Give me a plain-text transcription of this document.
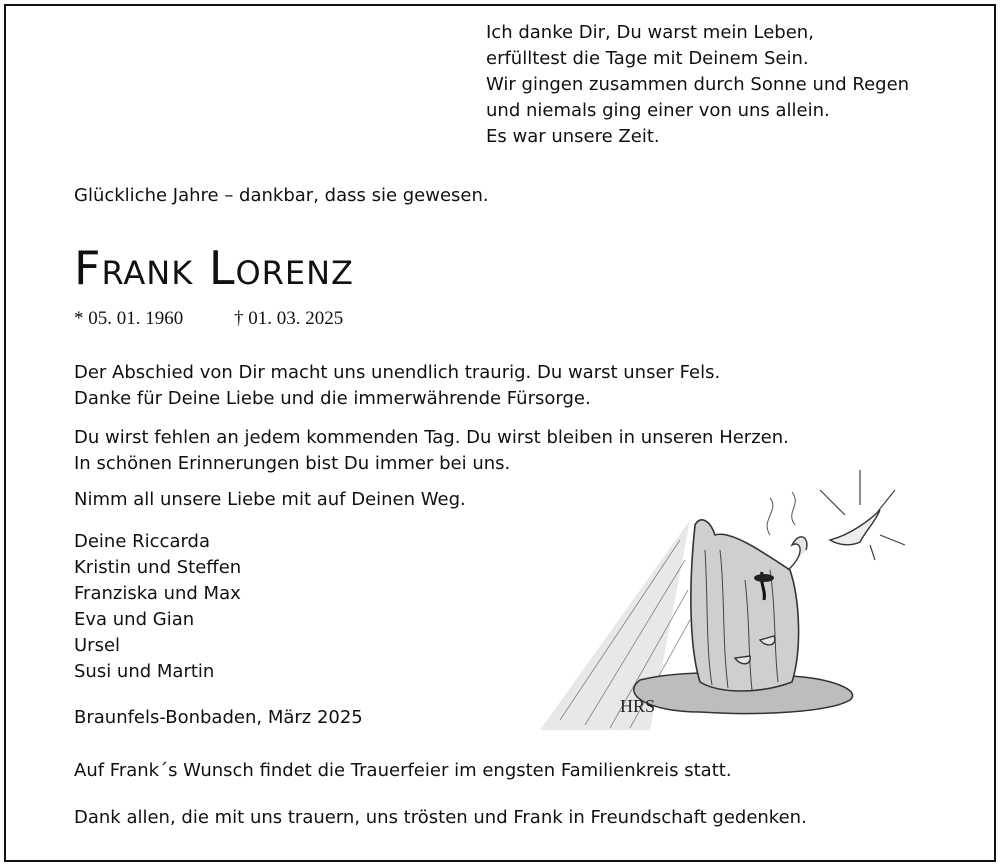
Ich danke Dir, Du warst mein Leben,
erfülltest die Tage mit Deinem Sein.
Wir gingen zusammen durch Sonne und Regen
und niemals ging einer von uns allein.
Es war unsere Zeit.
Glückliche Jahre – dankbar, dass sie gewesen.
Frank Lorenz
* 05. 01. 1960	† 01. 03. 2025
Der Abschied von Dir macht uns unendlich traurig. Du warst unser Fels.
Danke für Deine Liebe und die immerwährende Fürsorge.
Du wirst fehlen an jedem kommenden Tag. Du wirst bleiben in unseren Herzen.
In schönen Erinnerungen bist Du immer bei uns.
Nimm all unsere Liebe mit auf Deinen Weg.
Deine Riccarda
Kristin und Steffen
Franziska und Max
Eva und Gian
Ursel
Susi und Martin
Braunfels-Bonbaden, März 2025
Auf Frank´s Wunsch findet die Trauerfeier im engsten Familienkreis statt.
Dank allen, die mit uns trauern, uns trösten und Frank in Freundschaft gedenken.
HRS
